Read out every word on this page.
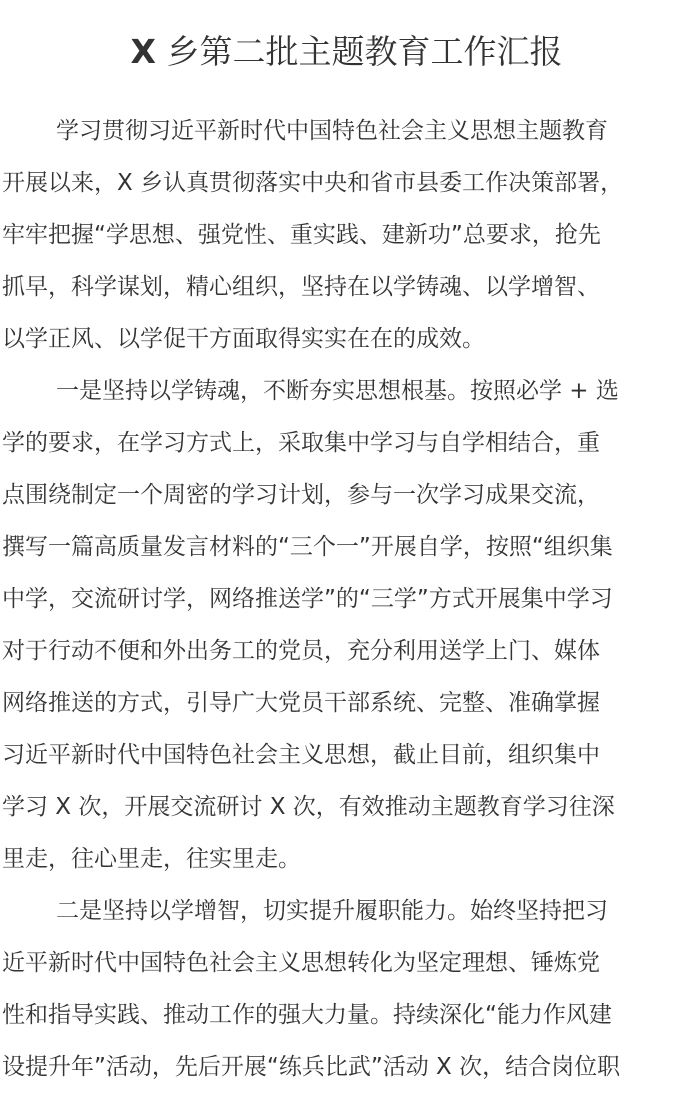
X 乡第二批主题教育工作汇报

学习贯彻习近平新时代中国特色社会主义思想主题教育
开展以来，X 乡认真贯彻落实中央和省市县委工作决策部署，
牢牢把握“学思想、强党性、重实践、建新功”总要求，抢先
抓早，科学谋划，精心组织，坚持在以学铸魂、以学增智、
以学正风、以学促干方面取得实实在在的成效。

一是坚持以学铸魂，不断夯实思想根基。按照必学 + 选
学的要求，在学习方式上，采取集中学习与自学相结合，重
点围绕制定一个周密的学习计划，参与一次学习成果交流，
撰写一篇高质量发言材料的“三个一”开展自学，按照“组织集
中学，交流研讨学，网络推送学”的“三学”方式开展集中学习
对于行动不便和外出务工的党员，充分利用送学上门、媒体
网络推送的方式，引导广大党员干部系统、完整、准确掌握
习近平新时代中国特色社会主义思想，截止目前，组织集中
学习 X 次，开展交流研讨 X 次，有效推动主题教育学习往深
里走，往心里走，往实里走。

二是坚持以学增智，切实提升履职能力。始终坚持把习
近平新时代中国特色社会主义思想转化为坚定理想、锤炼党
性和指导实践、推动工作的强大力量。持续深化“能力作风建
设提升年”活动，先后开展“练兵比武”活动 X 次，结合岗位职
